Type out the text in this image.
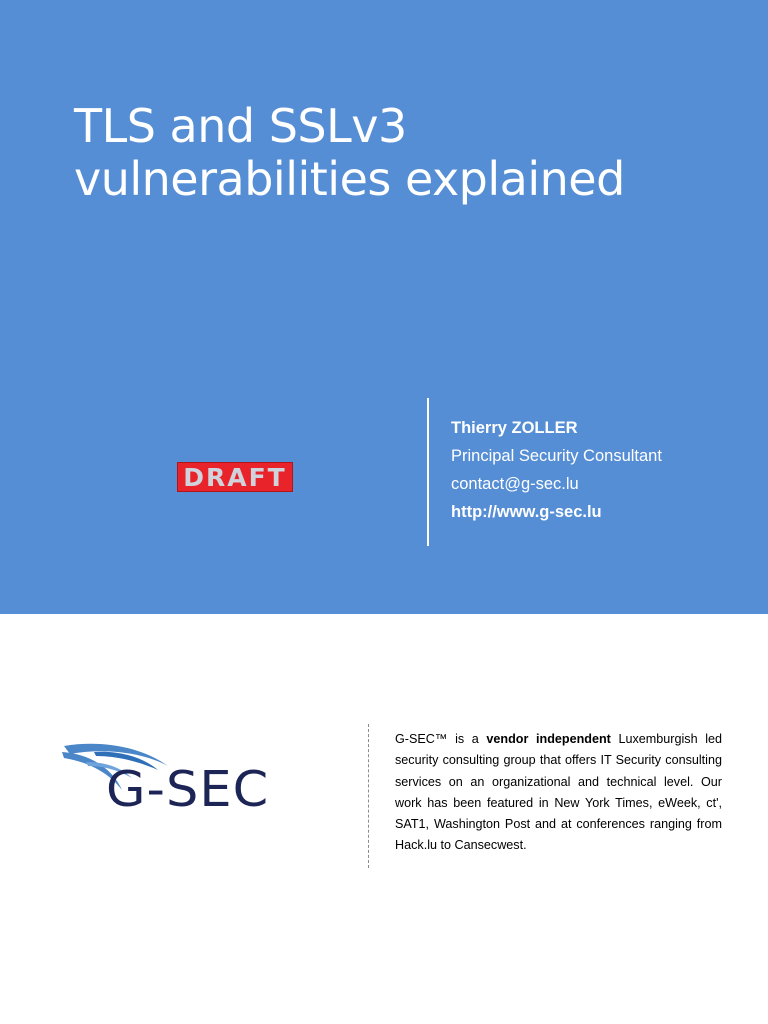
TLS and SSLv3
vulnerabilities explained
DRAFT
Thierry ZOLLER
Principal Security Consultant
contact@g-sec.lu
http://www.g-sec.lu
G-SEC
G-SEC™ is a vendor independent Luxemburgish led security consulting group that offers IT Security consulting services on an organizational and technical level. Our work has been featured in New York Times, eWeek, ct', SAT1, Washington Post and at conferences ranging from Hack.lu to Cansecwest.
